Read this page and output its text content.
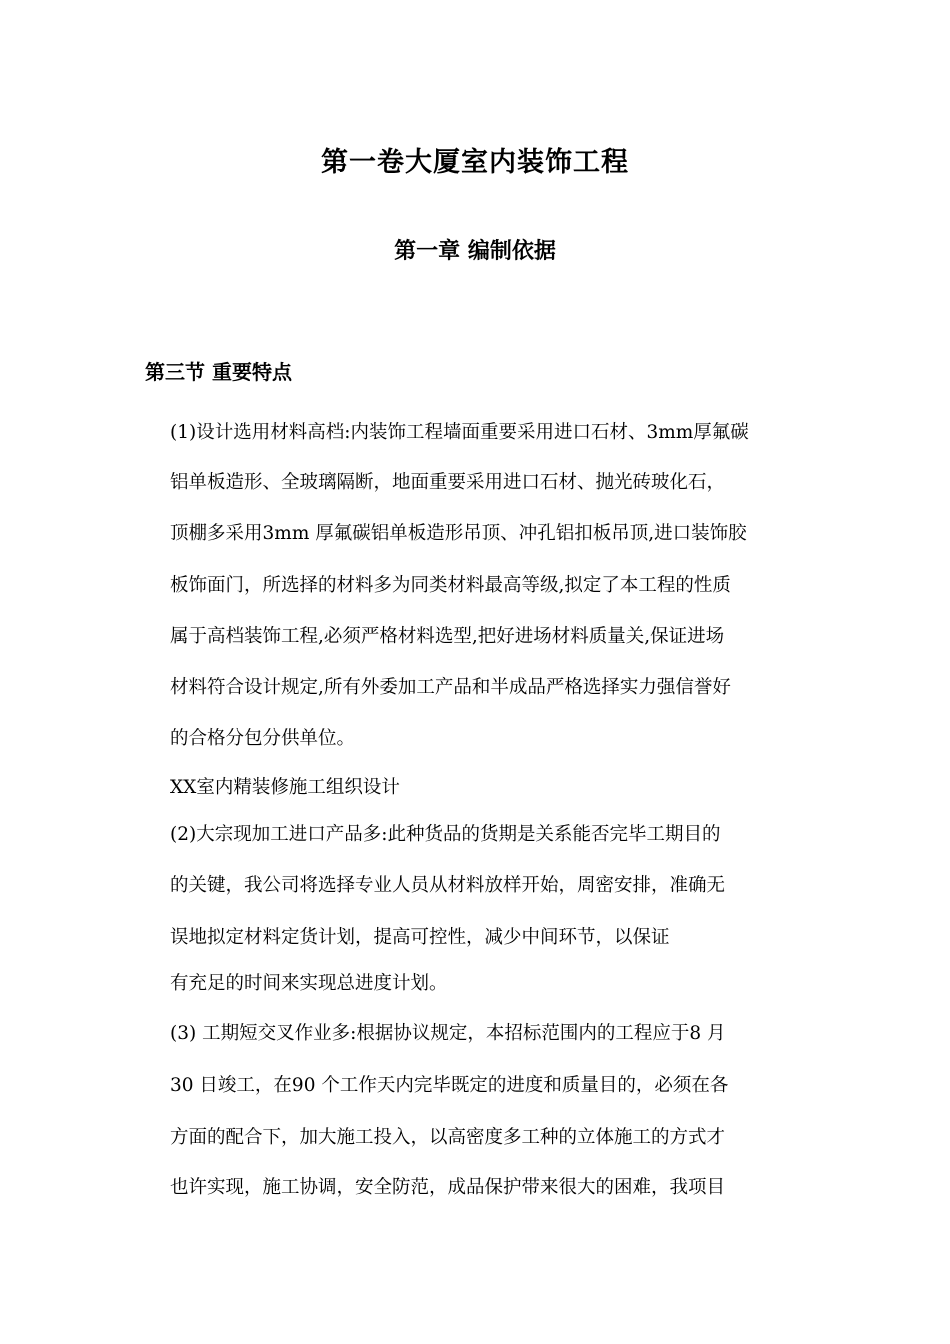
第一卷大厦室内装饰工程
第一章 编制依据
第三节 重要特点
(1)设计选用材料高档:内装饰工程墙面重要采用进口石材、3mm厚氟碳
铝单板造形、全玻璃隔断，地面重要采用进口石材、抛光砖玻化石，
顶棚多采用3mm 厚氟碳铝单板造形吊顶、冲孔铝扣板吊顶,进口装饰胶
板饰面门，所选择的材料多为同类材料最高等级,拟定了本工程的性质
属于高档装饰工程,必须严格材料选型,把好进场材料质量关,保证进场
材料符合设计规定,所有外委加工产品和半成品严格选择实力强信誉好
的合格分包分供单位。
XX室内精装修施工组织设计
(2)大宗现加工进口产品多:此种货品的货期是关系能否完毕工期目的
的关键，我公司将选择专业人员从材料放样开始，周密安排，准确无
误地拟定材料定货计划，提高可控性，减少中间环节，以保证
有充足的时间来实现总进度计划。
(3) 工期短交叉作业多:根据协议规定，本招标范围内的工程应于8 月
30 日竣工，在90 个工作天内完毕既定的进度和质量目的，必须在各
方面的配合下，加大施工投入，以高密度多工种的立体施工的方式才
也许实现，施工协调，安全防范，成品保护带来很大的困难，我项目
